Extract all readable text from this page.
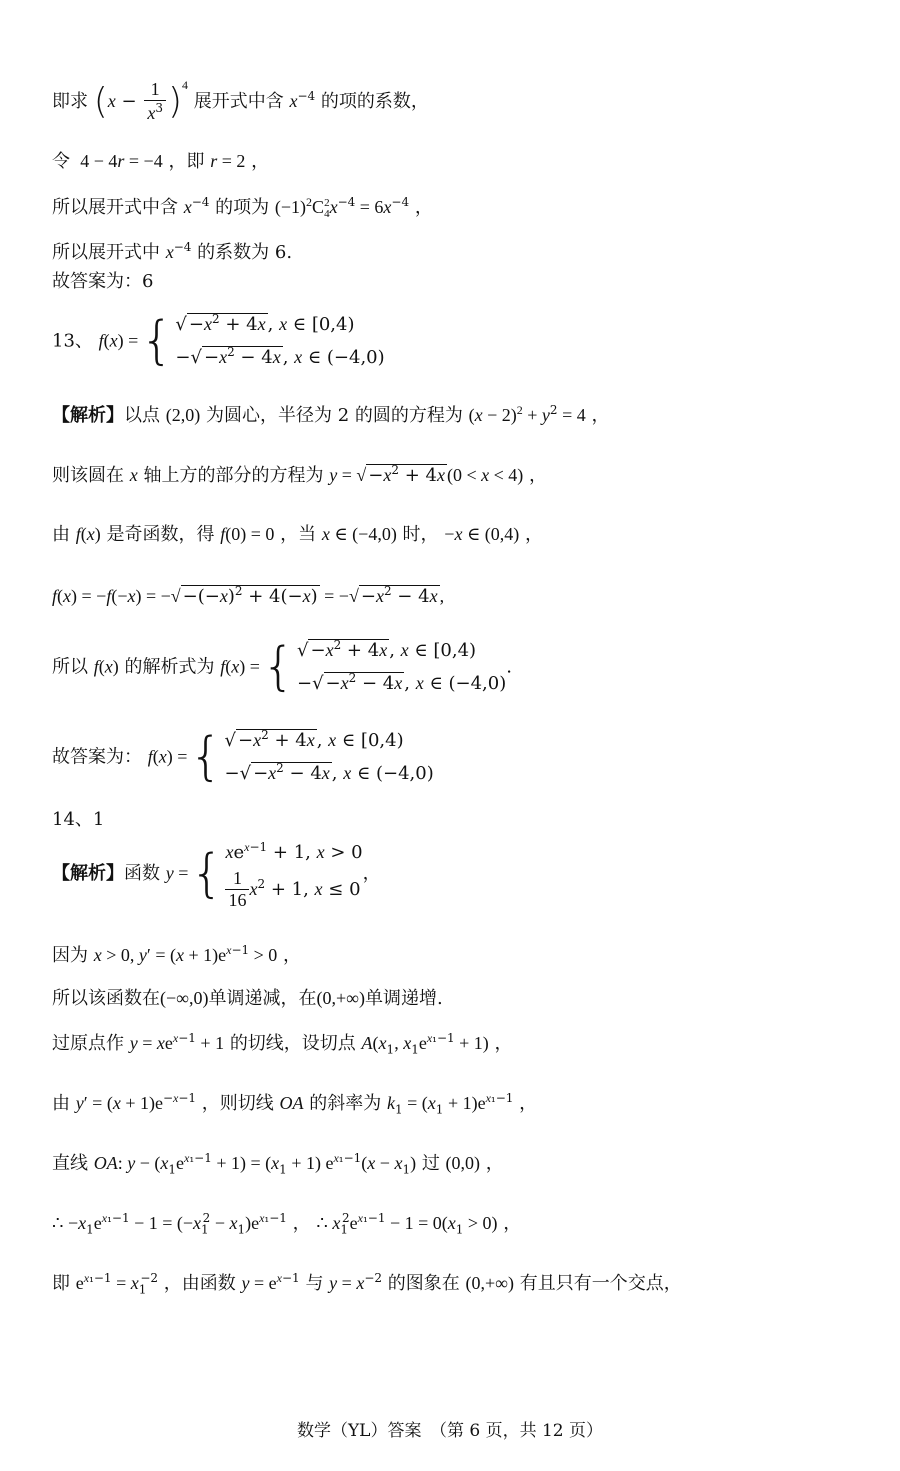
即求 $(x - \frac{1}{x^3} )^4$ 展开式中含 $x^{-4}$ 的项的系数，
令  4 − 4r = −4 ，即 r = 2 ，
所以展开式中含 $x^{-4}$ 的项为 $(-1)^2C$ 2
4 $x^{-4} = 6x^{-4}$ ，
所以展开式中 $x^{-4}$ 的系数为 6.
故答案为：6
13、 f(x) ={ √ $-x^2 + 4x$ , x ∈ [0,4)
−√ $-x^2 - 4x$ , x ∈ (−4,0)
【解析】以点 (2,0) 为圆心，半径为 2 的圆的方程为 $(x - 2)^2 + y^2 = 4$ ，
则该圆在 x 轴上方的部分的方程为 y = √ $-x^2 + 4x$ (0 < x < 4) ，
由 f(x) 是奇函数，得 f(0) = 0 ，当 x ∈ (−4,0) 时， −x ∈ (0,4) ，
f(x) = −f(−x) = −√ $-(-x)^2 + 4(-x)$ = −√ $-x^2 - 4x$ ,
所以 f(x) 的解析式为 f(x) ={ √ $-x^2 + 4x$ , x ∈ [0,4)
−√ $-x^2 - 4x$ , x ∈ (−4,0)
.
故答案为： f(x) ={ √ $-x^2 + 4x$ , x ∈ [0,4)
−√ $-x^2 - 4x$ , x ∈ (−4,0)
14、1
【解析】函数 y ={ $xe^{x-1} + 1$, x > 0
$\frac{1}{16} x^2 + 1$, x ≤ 0
，
因为 x > 0, $y' = (x + 1)e^{x-1} > 0$ ，
所以该函数在(−∞,0)单调递减，在(0,+∞)单调递增.
过原点作 $y = xe^{x-1} + 1$ 的切线，设切点 $A(x_1$, $x_1e^{x_1-1} + 1$) ，
由 $y' = (x + 1)e^{-x-1}$ ，则切线 OA 的斜率为 $k_1 = (x_1 + 1)e^{x_1-1}$ ，
直线 OA: $y - (x_1e^{x_1-1} + 1) = (x_1 + 1) e^{x_1-1}(x - x_1)$ 过 (0,0) ，
∴ $-x_1e^{x_1-1} - 1 = (-x_1^2 - x_1)e^{x_1-1}$ ， ∴ $x_1^2e^{x_1-1} - 1 = 0(x_1 > 0)$ ，
即 $e^{x_1-1} = x_1^{-2}$ ，由函数 $y = e^{x-1}$ 与 $y = x^{-2}$ 的图象在 (0,+∞) 有且只有一个交点，
数学（YL）答案　（第 6 页，共 12 页）
